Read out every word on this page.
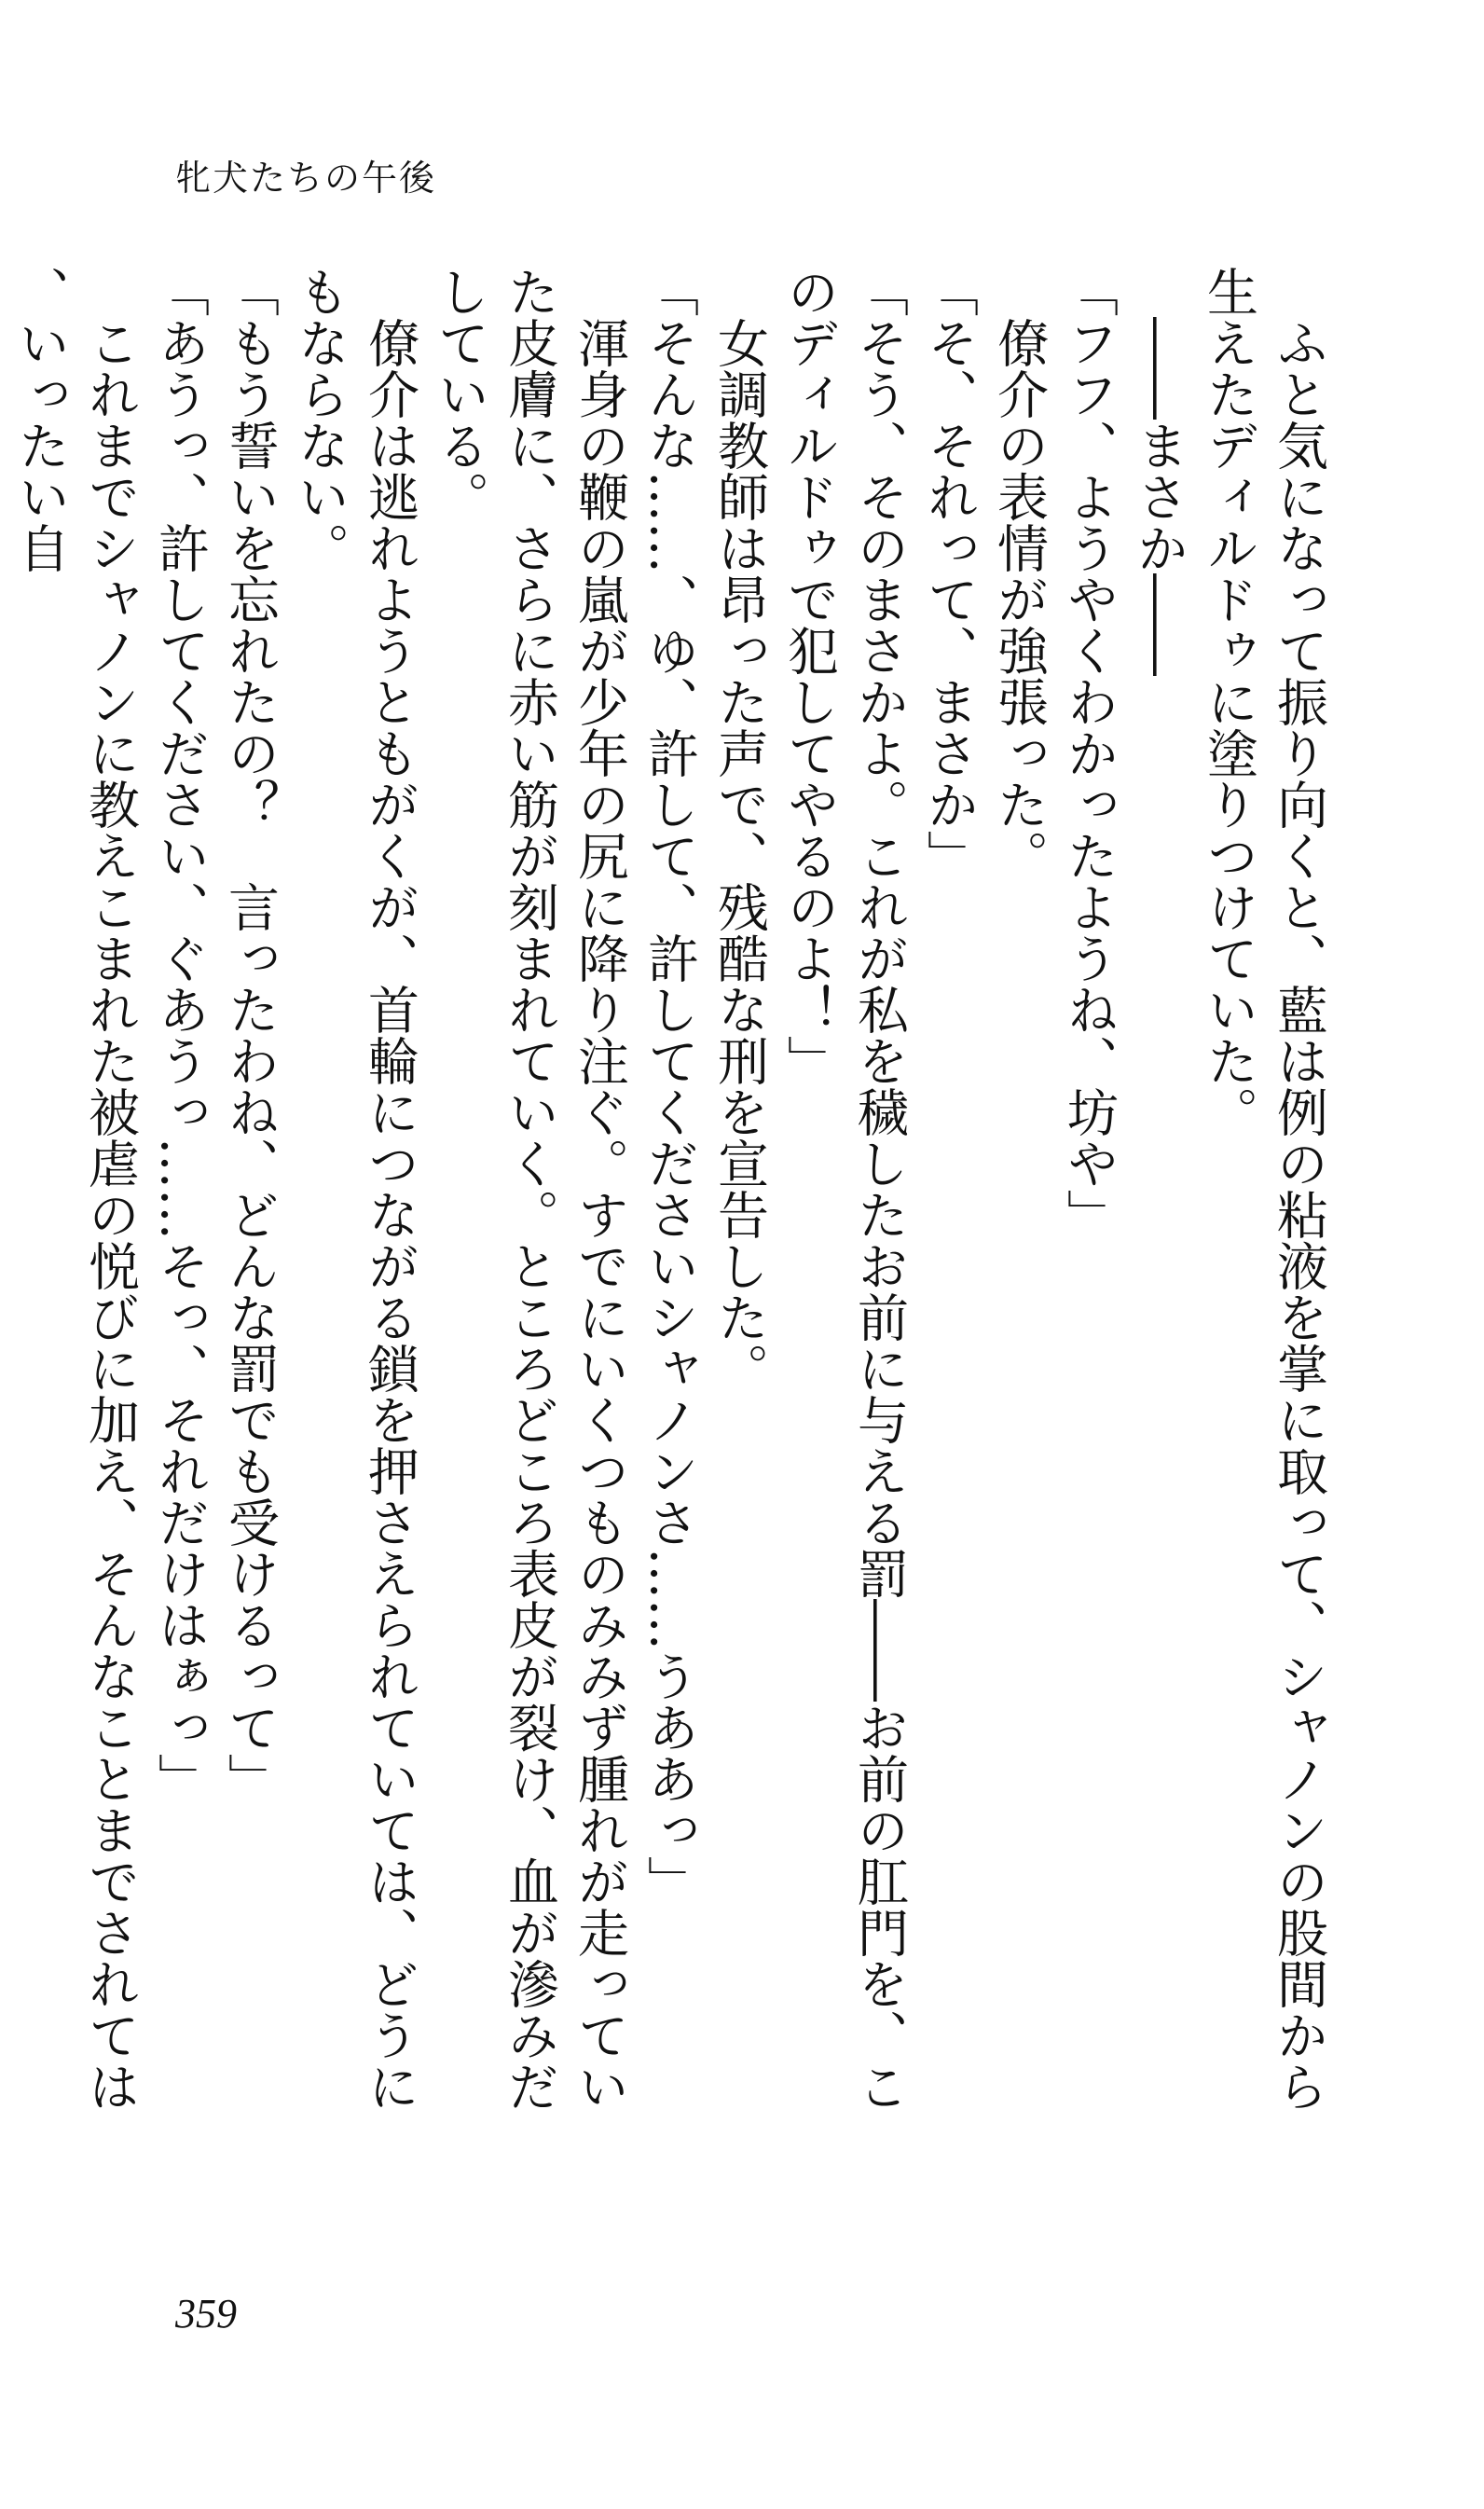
牝犬たちの午後

ふと気になって振り向くと、藍は例の粘液を掌に取って、シャノンの股間から生えたディルドゥに塗りつけていた。

――まさか――

「フフ、ようやくわかったようね、坊や」

僚介の表情が強張った。

「そ、それって、まさか」

「そう、そのまさかよ。これが私を穢したお前に与える罰――お前の肛門を、このディルドゥで犯してやるのよ！」

女調教師は昂った声で、残酷な刑を宣告した。

「そんな……、ゆ、許して、許してくださいシャノンさ……うああっ」

渾身の鞭の嵐が少年の尻に降り注ぐ。すでにいくつものみみず腫れが走っていた皮膚に、さらに赤い筋が刻まれていく。ところどころ表皮が裂け、血が滲みだしている。

僚介は逃れようともがくが、首輪につながる鎖を押さえられていては、どうにもならない。

「もう誓いを忘れたの？　言ったわね、どんな罰でも受けるって」

「あうっ、許してください、ぐあうっ……そっ、それだけはぁっ」

これまでシャノンに教えこまれた被虐の悦びに加え、そんなことまでされては、いったい自

359
